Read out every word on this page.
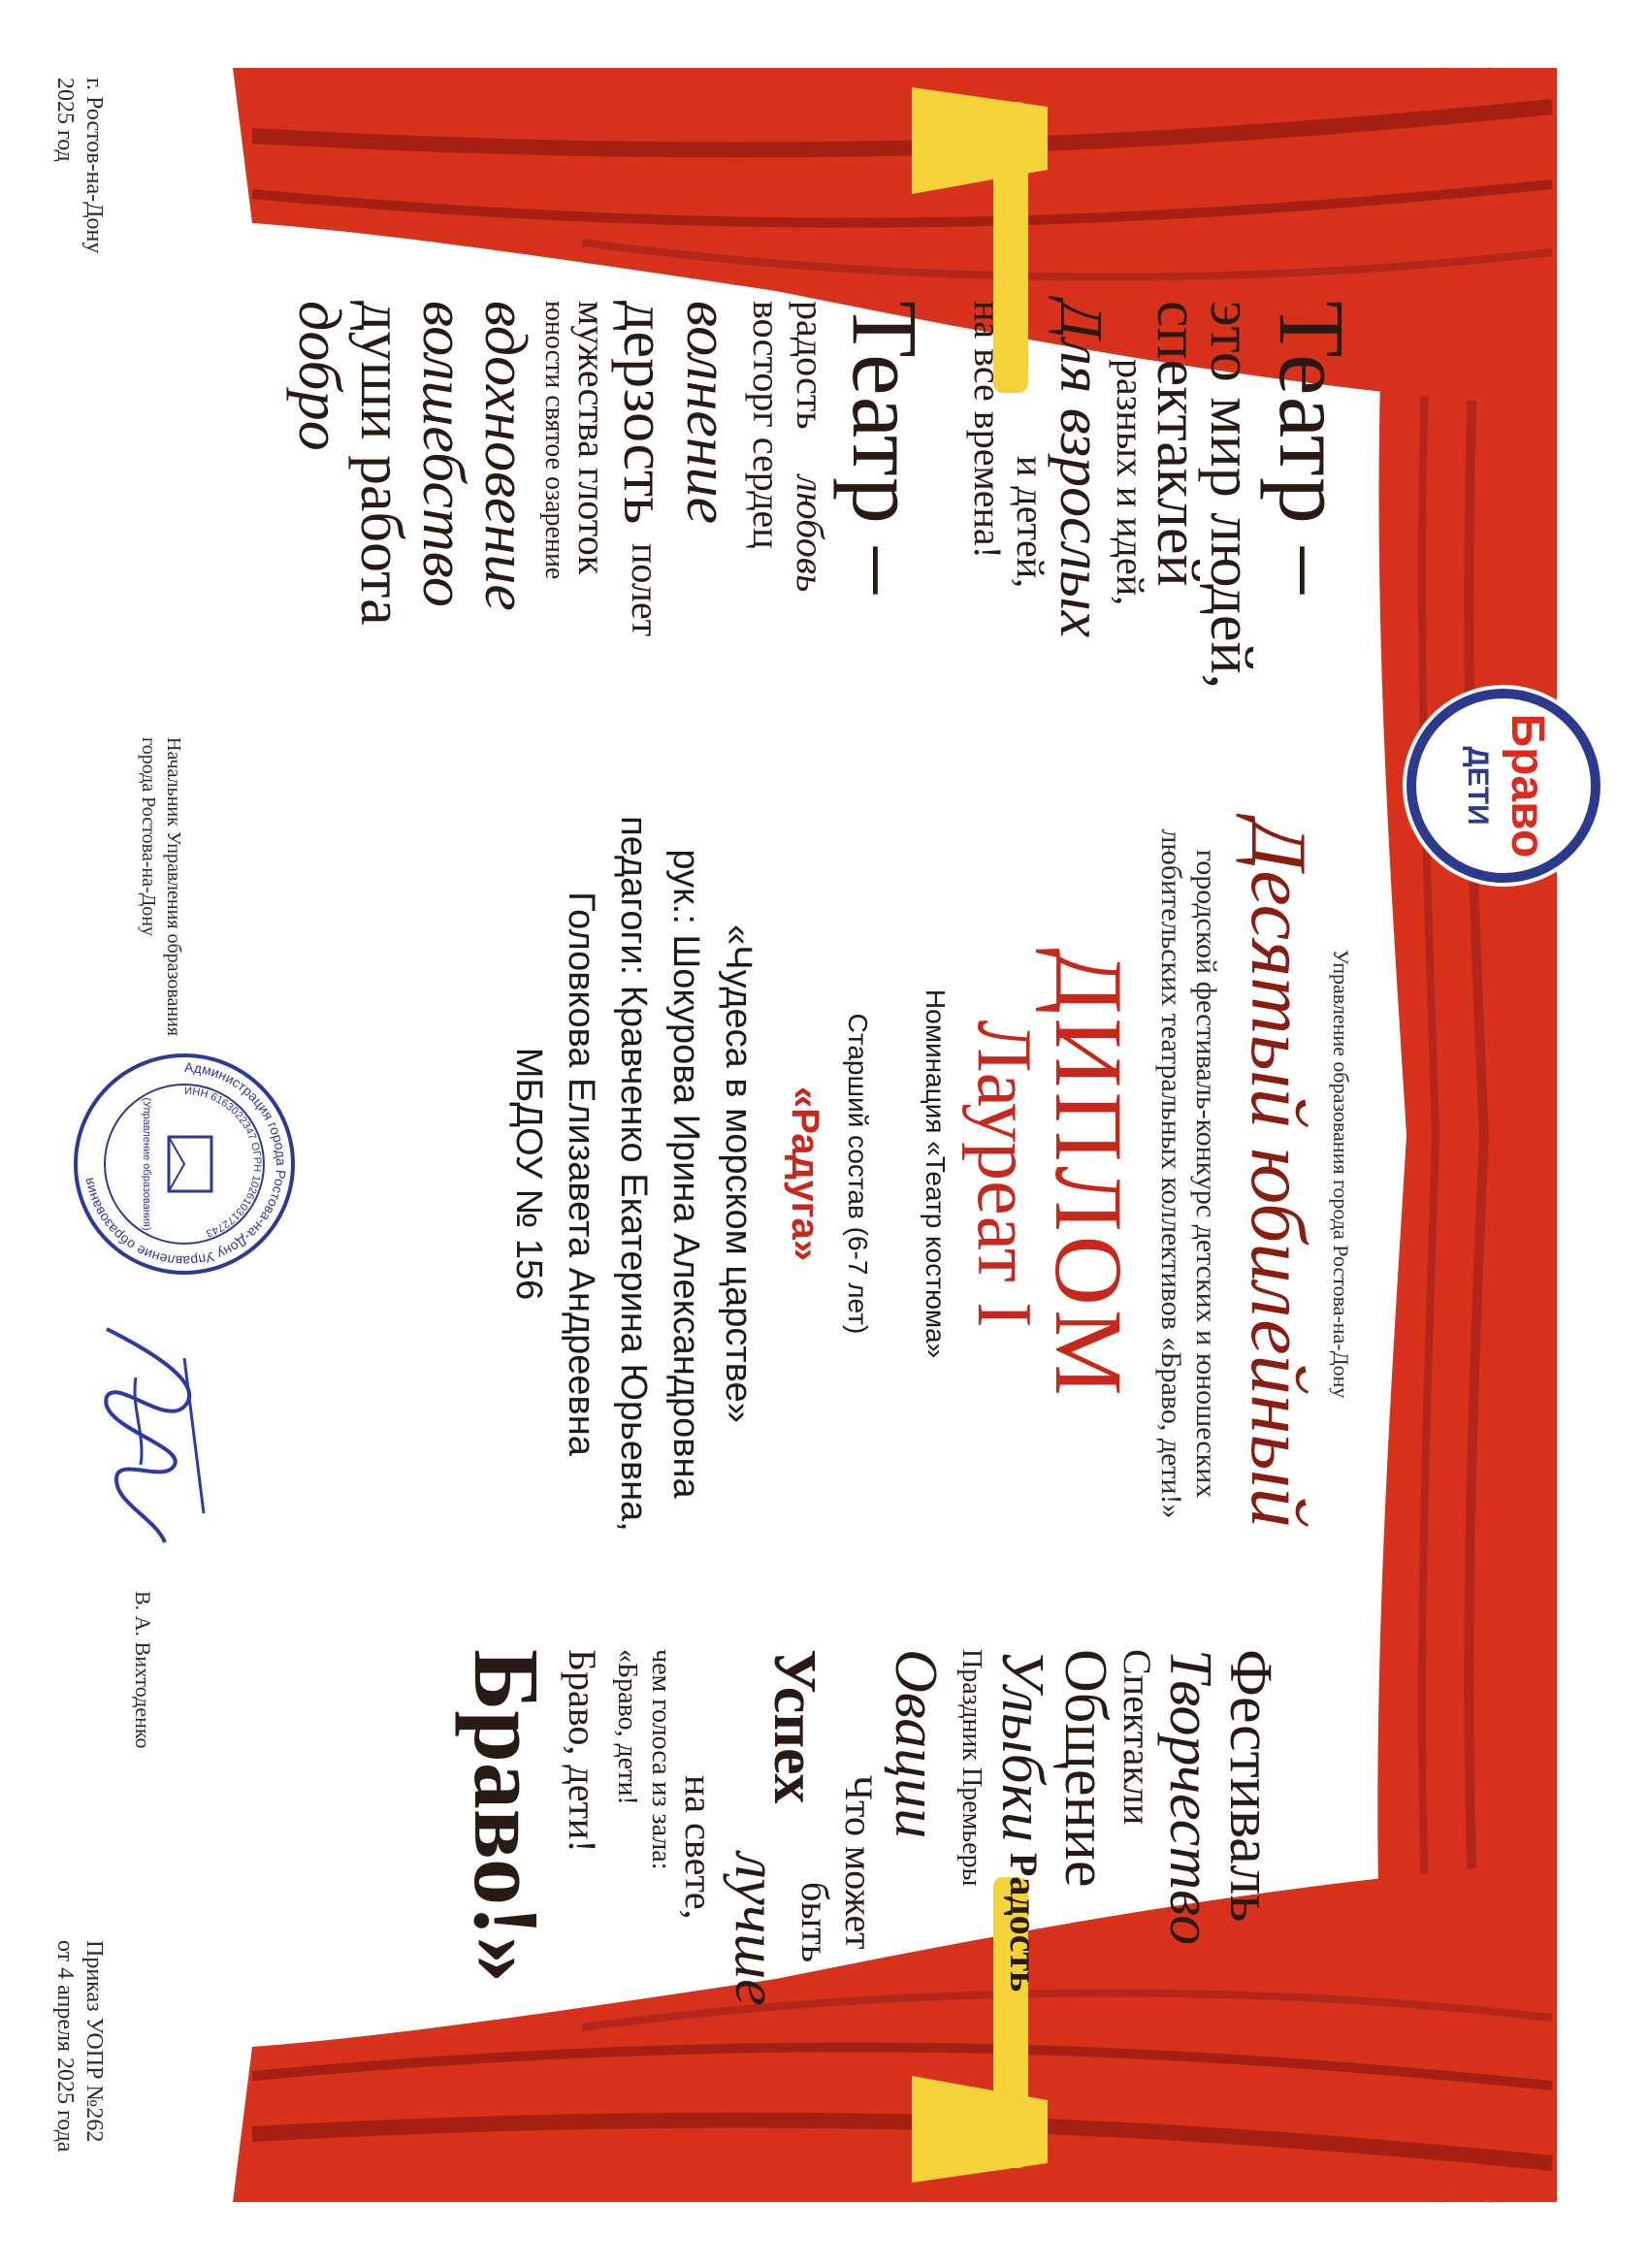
Браво
ДЕТИ
Театр –
это мир людей,
спектаклей
разных и идей,
Для взрослых
и детей,
на все времена!
Театр –
радость
любовь
восторг сердец
волнение
дерзость
полет
мужества глоток
юности святое озарение
вдохновение
волшебство
души работа
добро
Фестиваль
Творчество
Спектакли
Общение
Улыбки
Радость
Праздник Премьеры
Овации
Что может
быть
Успех
лучше
на свете,
чем голоса из зала:
«Браво, дети!
Браво, дети!
Браво!»
Управление образования города Ростова-на-Дону
Десятый юбилейный
городской фестиваль-конкурс детских и юношеских
любительских театральных коллективов «Браво, дети!»
ДИПЛОМ
Лауреат I
Номинация «Театр костюма»
Старший состав (6-7 лет)
«Радуга»
«Чудеса в морском царстве»
рук.: Шокурова Ирина Александровна
педагоги: Кравченко Екатерина Юрьевна,
Головкова Елизавета Андреевна
МБДОУ № 156
г. Ростов-на-Дону
2025 год
Начальник Управления образования
города Ростова-на-Дону
Администрация города Ростова-на-Дону Управление образования
ИНН 6163022347 ОГРН 1026103172743
(Управление образования)
В. А. Вихтоденко
Приказ УОПР №262
от 4 апреля 2025 года
